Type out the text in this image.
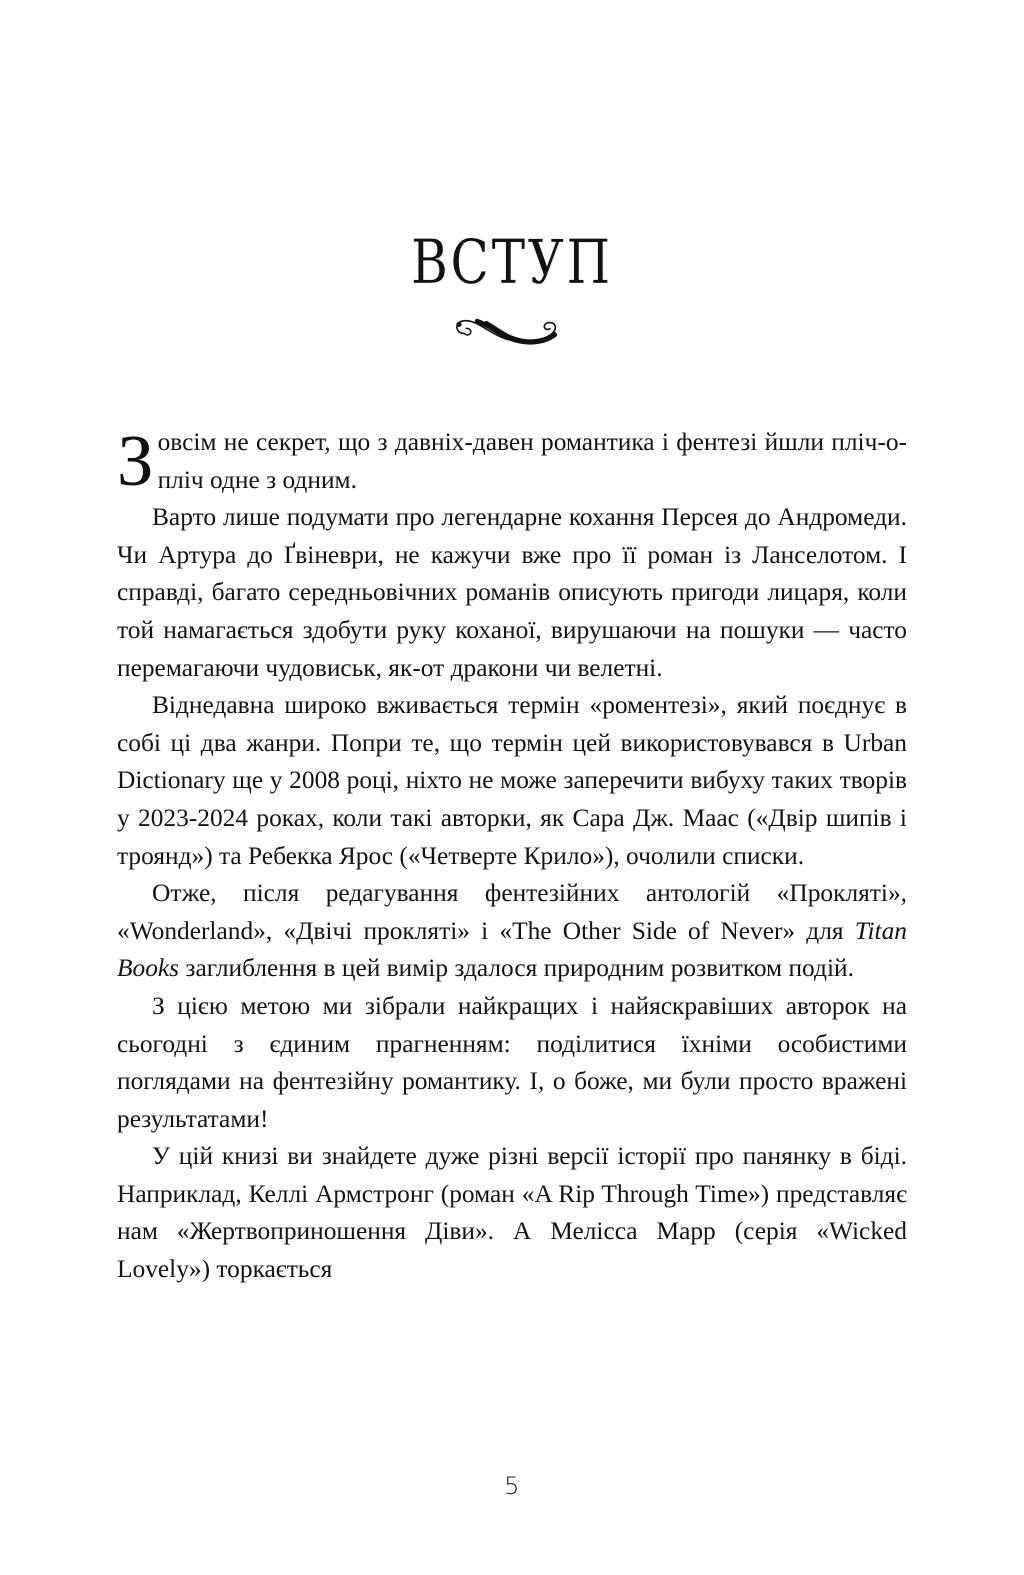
ВСТУП

Зовсім не секрет, що з давніх-давен романтика і фентезі йшли пліч-о-пліч одне з одним.

Варто лише подумати про легендарне кохання Персея до Андромеди. Чи Артура до Ґвіневри, не кажучи вже про її роман із Ланселотом. І справді, багато середньовічних романів описують пригоди лицаря, коли той намагається здобути руку коханої, вирушаючи на пошуки — часто перемагаючи чудовиськ, як-от дракони чи велетні.

Віднедавна широко вживається термін «роментезі», який поєднує в собі ці два жанри. Попри те, що термін цей використовувався в Urban Dictionary ще у 2008 році, ніхто не може заперечити вибуху таких творів у 2023-2024 роках, коли такі авторки, як Сара Дж. Маас («Двір шипів і троянд») та Ребекка Ярос («Четверте Крило»), очолили списки.

Отже, після редагування фентезійних антологій «Прокляті», «Wonderland», «Двічі прокляті» і «The Other Side of Never» для Titan Books заглиблення в цей вимір здалося природним розвитком подій.

З цією метою ми зібрали найкращих і найяскравіших авторок на сьогодні з єдиним прагненням: поділитися їхніми особистими поглядами на фентезійну романтику. І, о боже, ми були просто вражені результатами!

У цій книзі ви знайдете дуже різні версії історії про панянку в біді. Наприклад, Келлі Армстронг (роман «A Rip Through Time») представляє нам «Жертвоприношення Діви». А Мелісса Марр (серія «Wicked Lovely») торкається

5
